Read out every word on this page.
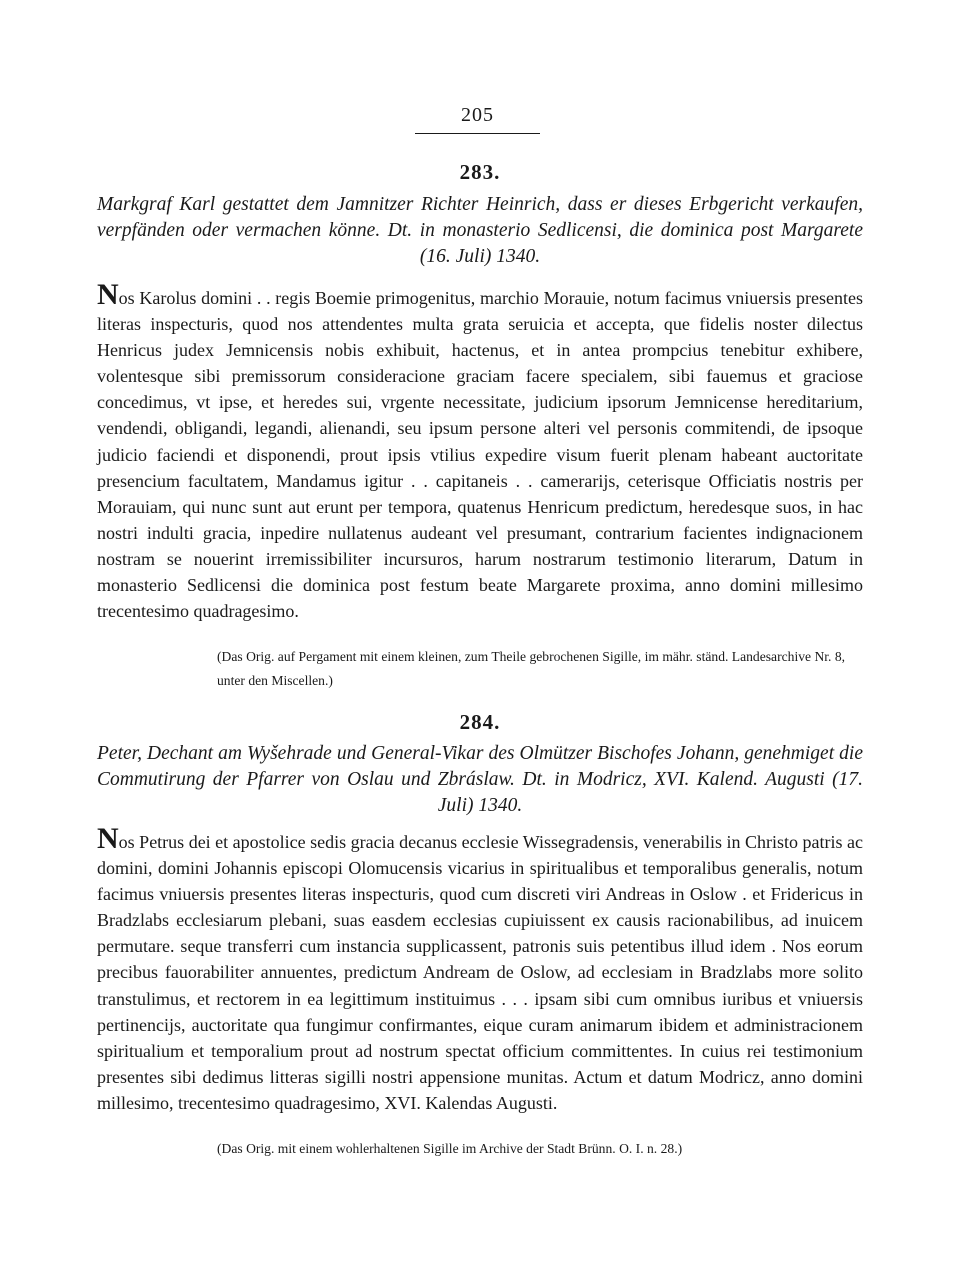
205
283.
Markgraf Karl gestattet dem Jamnitzer Richter Heinrich, dass er dieses Erbgericht verkaufen, verpfänden oder vermachen könne. Dt. in monasterio Sedlicensi, die dominica post Margarete (16. Juli) 1340.
Nos Karolus domini . . regis Boemie primogenitus, marchio Morauie, notum facimus vniuersis presentes literas inspecturis, quod nos attendentes multa grata seruicia et accepta, que fidelis noster dilectus Henricus judex Jemnicensis nobis exhibuit, hactenus, et in antea prompcius tenebitur exhibere, volentesque sibi premissorum consideracione graciam facere specialem, sibi fauemus et graciose concedimus, vt ipse, et heredes sui, vrgente necessitate, judicium ipsorum Jemnicense hereditarium, vendendi, obligandi, legandi, alienandi, seu ipsum persone alteri vel personis commitendi, de ipsoque judicio faciendi et disponendi, prout ipsis vtilius expedire visum fuerit plenam habeant auctoritate presencium facultatem, Mandamus igitur . . capitaneis . . camerarijs, ceterisque Officiatis nostris per Morauiam, qui nunc sunt aut erunt per tempora, quatenus Henricum predictum, heredesque suos, in hac nostri indulti gracia, inpedire nullatenus audeant vel presumant, contrarium facientes indignacionem nostram se nouerint irremissibiliter incursuros, harum nostrarum testimonio literarum, Datum in monasterio Sedlicensi die dominica post festum beate Margarete proxima, anno domini millesimo trecentesimo quadragesimo.
(Das Orig. auf Pergament mit einem kleinen, zum Theile gebrochenen Sigille, im mähr. ständ. Landesarchive Nr. 8, unter den Miscellen.)
284.
Peter, Dechant am Wyšehrade und General-Vikar des Olmützer Bischofes Johann, genehmiget die Commutirung der Pfarrer von Oslau und Zbráslaw. Dt. in Modricz, XVI. Kalend. Augusti (17. Juli) 1340.
Nos Petrus dei et apostolice sedis gracia decanus ecclesie Wissegradensis, venerabilis in Christo patris ac domini, domini Johannis episcopi Olomucensis vicarius in spiritualibus et temporalibus generalis, notum facimus vniuersis presentes literas inspecturis, quod cum discreti viri Andreas in Oslow . et Fridericus in Bradzlabs ecclesiarum plebani, suas easdem ecclesias cupiuissent ex causis racionabilibus, ad inuicem permutare. seque transferri cum instancia supplicassent, patronis suis petentibus illud idem . Nos eorum precibus fauorabiliter annuentes, predictum Andream de Oslow, ad ecclesiam in Bradzlabs more solito transtulimus, et rectorem in ea legittimum instituimus . . . ipsam sibi cum omnibus iuribus et vniuersis pertinencijs, auctoritate qua fungimur confirmantes, eique curam animarum ibidem et administracionem spiritualium et temporalium prout ad nostrum spectat officium committentes. In cuius rei testimonium presentes sibi dedimus litteras sigilli nostri appensione munitas. Actum et datum Modricz, anno domini millesimo, trecentesimo quadragesimo, XVI. Kalendas Augusti.
(Das Orig. mit einem wohlerhaltenen Sigille im Archive der Stadt Brünn. O. I. n. 28.)
